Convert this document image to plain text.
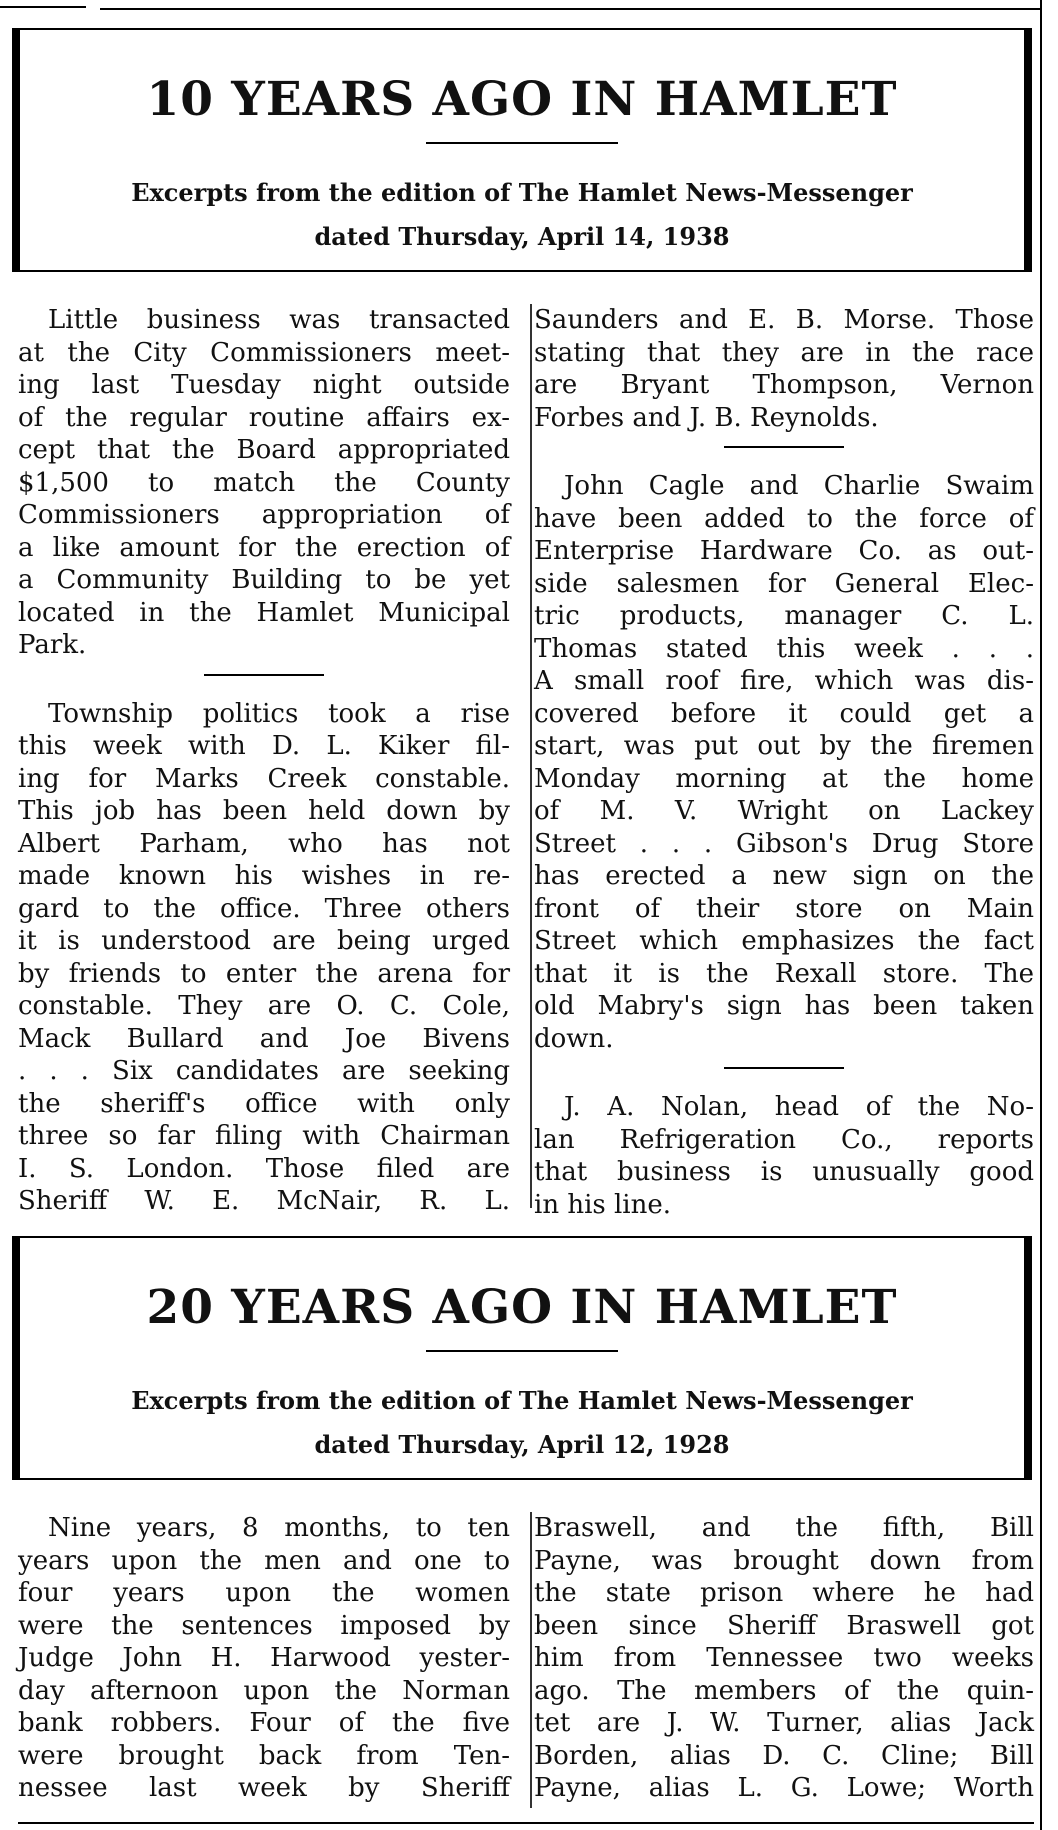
10 YEARS AGO IN HAMLET
Excerpts from the edition of The Hamlet News-Messenger
dated Thursday, April 14, 1938
Little business was transacted
at the City Commissioners meet-
ing last Tuesday night outside
of the regular routine affairs ex-
cept that the Board appropriated
$1,500 to match the County
Commissioners appropriation of
a like amount for the erection of
a Community Building to be yet
located in the Hamlet Municipal
Park.
Township politics took a rise
this week with D. L. Kiker fil-
ing for Marks Creek constable.
This job has been held down by
Albert Parham, who has not
made known his wishes in re-
gard to the office. Three others
it is understood are being urged
by friends to enter the arena for
constable. They are O. C. Cole,
Mack Bullard and Joe Bivens
. . . Six candidates are seeking
the sheriff's office with only
three so far filing with Chairman
I. S. London. Those filed are
Sheriff W. E. McNair, R. L.
Saunders and E. B. Morse. Those
stating that they are in the race
are Bryant Thompson, Vernon
Forbes and J. B. Reynolds.
John Cagle and Charlie Swaim
have been added to the force of
Enterprise Hardware Co. as out-
side salesmen for General Elec-
tric products, manager C. L.
Thomas stated this week . . .
A small roof fire, which was dis-
covered before it could get a
start, was put out by the firemen
Monday morning at the home
of M. V. Wright on Lackey
Street . . . Gibson's Drug Store
has erected a new sign on the
front of their store on Main
Street which emphasizes the fact
that it is the Rexall store. The
old Mabry's sign has been taken
down.
J. A. Nolan, head of the No-
lan Refrigeration Co., reports
that business is unusually good
in his line.
20 YEARS AGO IN HAMLET
Excerpts from the edition of The Hamlet News-Messenger
dated Thursday, April 12, 1928
Nine years, 8 months, to ten
years upon the men and one to
four years upon the women
were the sentences imposed by
Judge John H. Harwood yester-
day afternoon upon the Norman
bank robbers. Four of the five
were brought back from Ten-
nessee last week by Sheriff
Braswell, and the fifth, Bill
Payne, was brought down from
the state prison where he had
been since Sheriff Braswell got
him from Tennessee two weeks
ago. The members of the quin-
tet are J. W. Turner, alias Jack
Borden, alias D. C. Cline; Bill
Payne, alias L. G. Lowe; Worth
